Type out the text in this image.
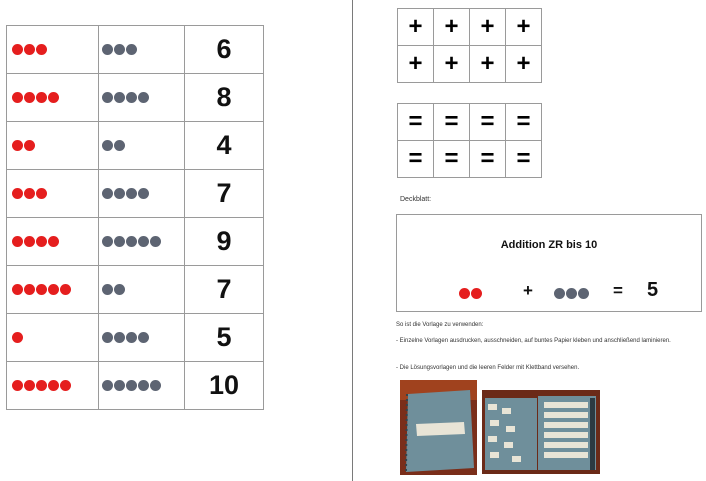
	6

	8

	4

	7

	9

	7

	5

	10
+	+	+	+
+	+	+	+
=	=	=	=
=	=	=	=
Deckblatt:
Addition ZR bis 10
+	= 5
So ist die Vorlage zu verwenden:
- Einzelne Vorlagen ausdrucken, ausschneiden, auf buntes Papier kleben und anschließend laminieren.
- Die Lösungsvorlagen und die leeren Felder mit Klettband versehen.
